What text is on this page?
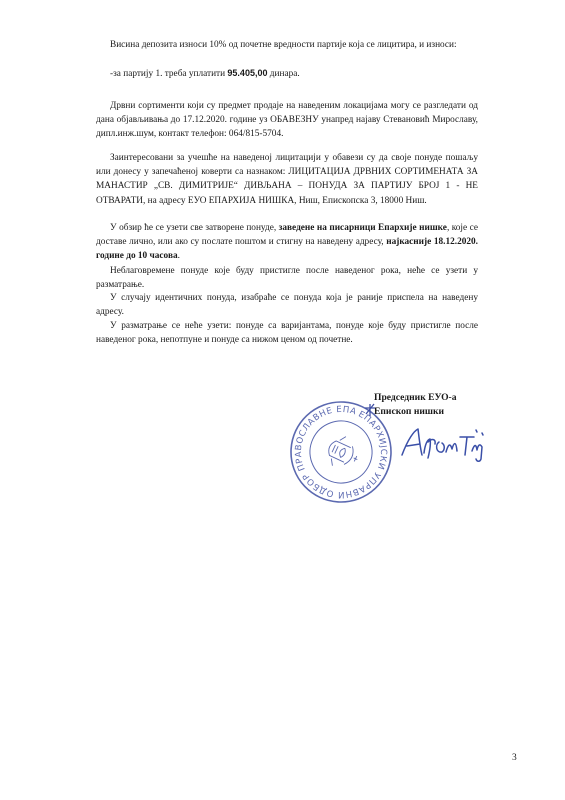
Висина депозита износи 10% од почетне вредности партије која се лицитира, и износи:

-за партију 1. треба уплатити 95.405,00 динара.

Дрвни сортименти који су предмет продаје на наведеним локацијама могу се разгледати од дана објављивања до 17.12.2020. године уз ОБАВЕЗНУ унапред најаву Стевановић Мирославу, дипл.инж.шум, контакт телефон: 064/815-5704.

Заинтересовани за учешће на наведеној лицитацији у обавези су да своје понуде пошаљу или донесу у запечаћеној коверти са назнаком: ЛИЦИТАЦИЈА ДРВНИХ СОРТИМЕНАТА ЗА МАНАСТИР „СВ. ДИМИТРИЈЕ“ ДИВЉАНА – ПОНУДА ЗА ПАРТИЈУ БРОЈ 1 - НЕ ОТВАРАТИ, на адресу ЕУО ЕПАРХИЈА НИШКА, Ниш, Епископска 3, 18000 Ниш.

У обзир ће се узети све затворене понуде, заведене на писарници Епархије нишке, које се доставе лично, или ако су послате поштом и стигну на наведену адресу, најкасније 18.12.2020. године до 10 часова.

Неблаговремене понуде које буду пристигле после наведеног рока, неће се узети у разматрање.

У случају идентичних понуда, изабраће се понуда која је раније приспела на наведену адресу.

У разматрање се неће узети: понуде са варијантама, понуде које буду пристигле после наведеног рока, непотпуне и понуде са нижом ценом од почетне.

Председник ЕУО-а
Епископ нишки
ЕПАРХИЈСКИ УПРАВНИ ОДБОР ПРАВОСЛАВНЕ ЕПАРХИЈЕ
3
